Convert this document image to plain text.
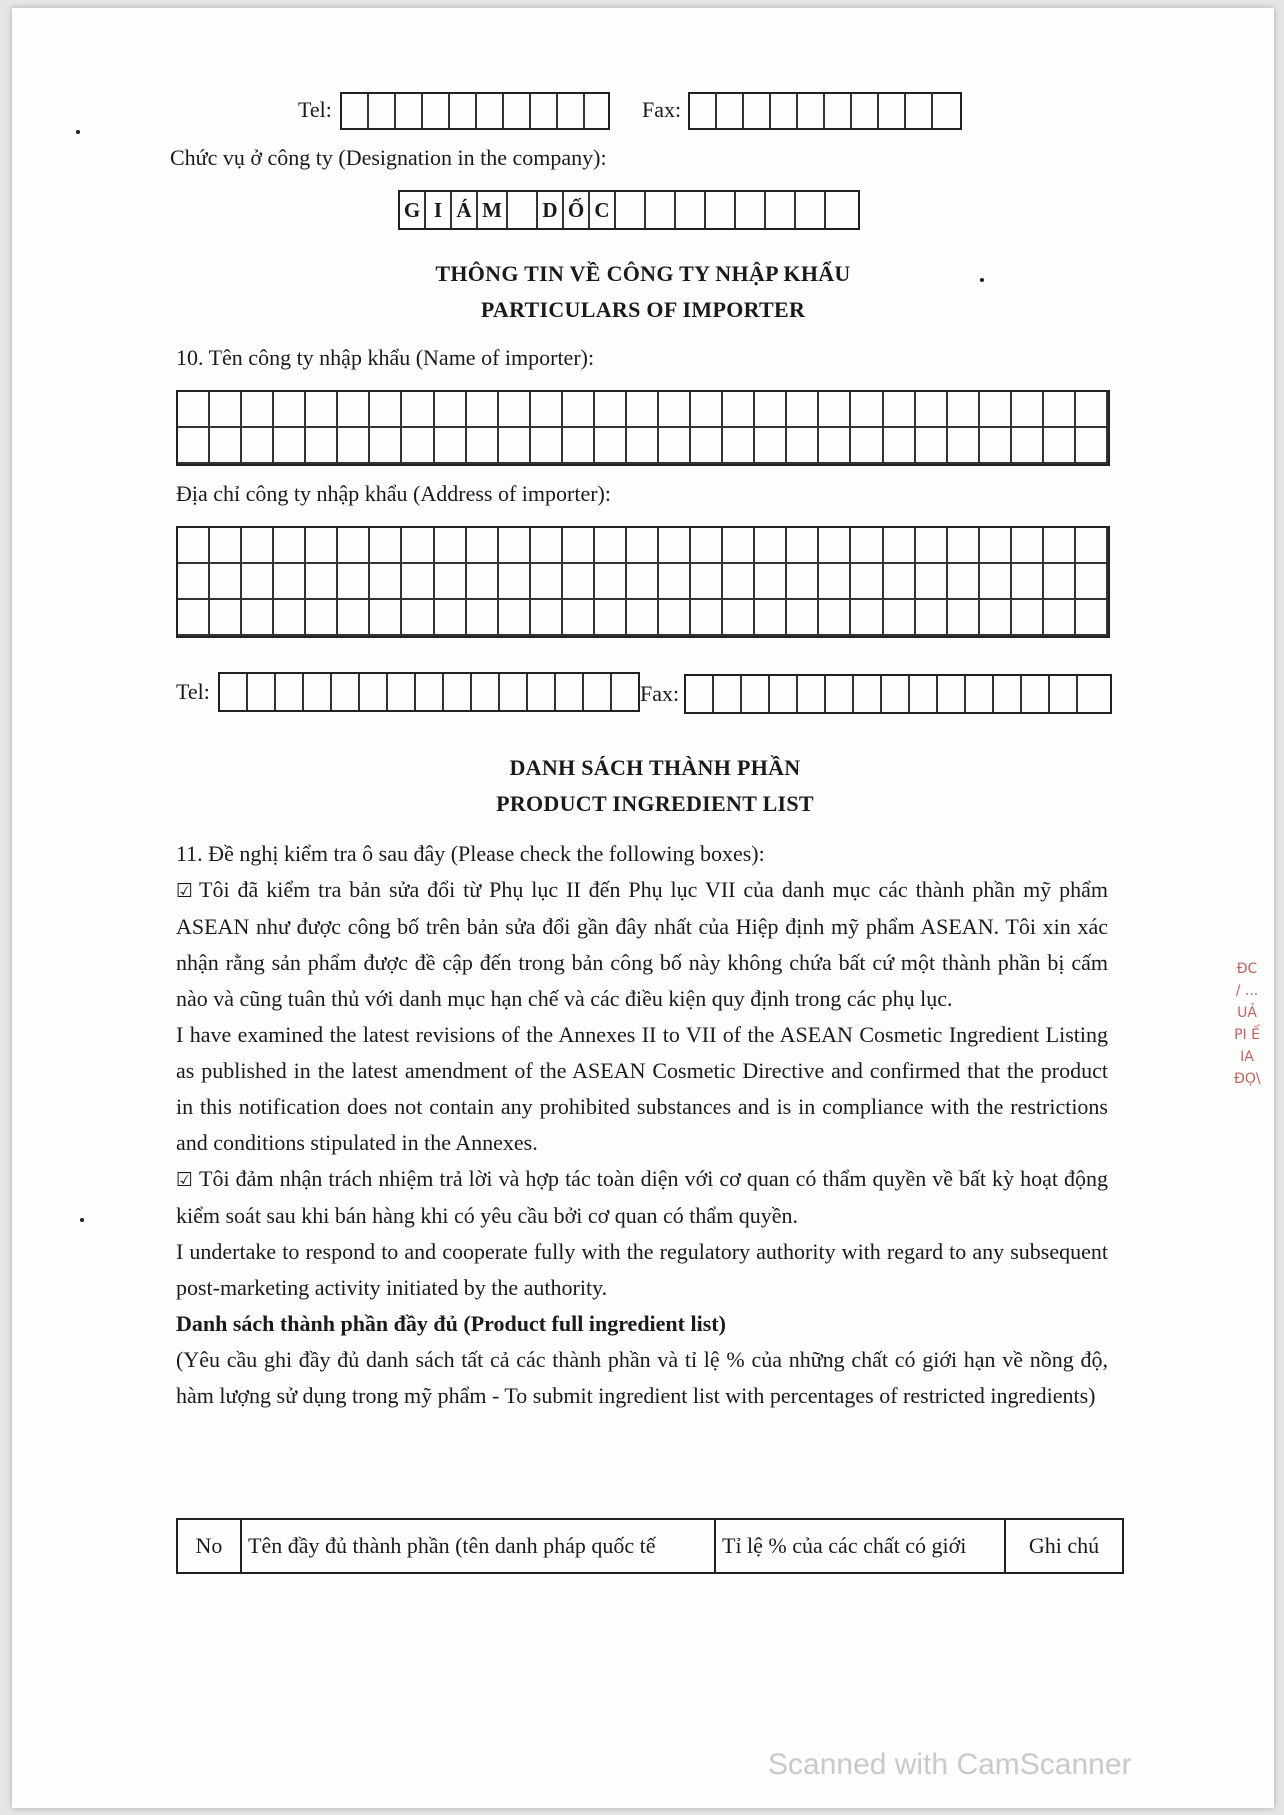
Tel:	Fax:
Chức vụ ở công ty (Designation in the company):
G I Á M D Ố C
THÔNG TIN VỀ CÔNG TY NHẬP KHẨU
PARTICULARS OF IMPORTER
10. Tên công ty nhập khẩu (Name of importer):
Địa chỉ công ty nhập khẩu (Address of importer):
Tel:	Fax:
DANH SÁCH THÀNH PHẦN
PRODUCT INGREDIENT LIST
11. Đề nghị kiểm tra ô sau đây (Please check the following boxes):

☑ Tôi đã kiểm tra bản sửa đổi từ Phụ lục II đến Phụ lục VII của danh mục các thành phần mỹ phẩm ASEAN như được công bố trên bản sửa đổi gần đây nhất của Hiệp định mỹ phẩm ASEAN. Tôi xin xác nhận rằng sản phẩm được đề cập đến trong bản công bố này không chứa bất cứ một thành phần bị cấm nào và cũng tuân thủ với danh mục hạn chế và các điều kiện quy định trong các phụ lục.

I have examined the latest revisions of the Annexes II to VII of the ASEAN Cosmetic Ingredient Listing as published in the latest amendment of the ASEAN Cosmetic Directive and confirmed that the product in this notification does not contain any prohibited substances and is in compliance with the restrictions and conditions stipulated in the Annexes.

☑ Tôi đảm nhận trách nhiệm trả lời và hợp tác toàn diện với cơ quan có thẩm quyền về bất kỳ hoạt động kiểm soát sau khi bán hàng khi có yêu cầu bởi cơ quan có thẩm quyền.

I undertake to respond to and cooperate fully with the regulatory authority with regard to any subsequent post-marketing activity initiated by the authority.

Danh sách thành phần đầy đủ (Product full ingredient list)

(Yêu cầu ghi đầy đủ danh sách tất cả các thành phần và tỉ lệ % của những chất có giới hạn về nồng độ, hàm lượng sử dụng trong mỹ phẩm - To submit ingredient list with percentages of restricted ingredients)

No	Tên đầy đủ thành phần (tên danh pháp quốc tế	Tỉ lệ % của các chất có giới	Ghi chú
ĐC / ... UẢ PI Ế IA ĐỌ\
Scanned with CamScanner
